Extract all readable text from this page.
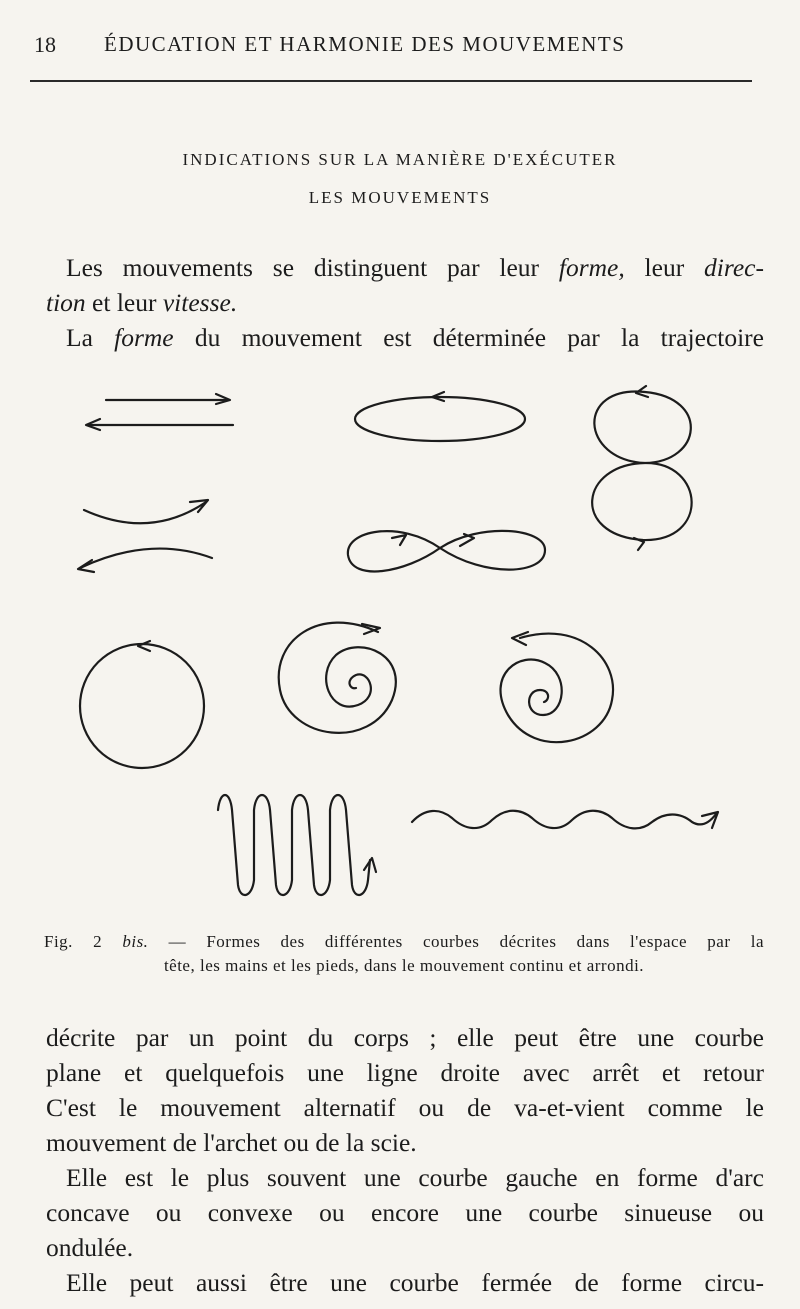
18 ÉDUCATION ET HARMONIE DES MOUVEMENTS
INDICATIONS SUR LA MANIÈRE D'EXÉCUTER
LES MOUVEMENTS
Les mouvements se distinguent par leur forme, leur direc-
tion et leur vitesse.
La forme du mouvement est déterminée par la trajectoire
Fig. 2 bis. — Formes des différentes courbes décrites dans l'espace par la
tête, les mains et les pieds, dans le mouvement continu et arrondi.
décrite par un point du corps ; elle peut être une courbe
plane et quelquefois une ligne droite avec arrêt et retour
C'est le mouvement alternatif ou de va-et-vient comme le
mouvement de l'archet ou de la scie.
Elle est le plus souvent une courbe gauche en forme d'arc
concave ou convexe ou encore une courbe sinueuse ou
ondulée.
Elle peut aussi être une courbe fermée de forme circu-
